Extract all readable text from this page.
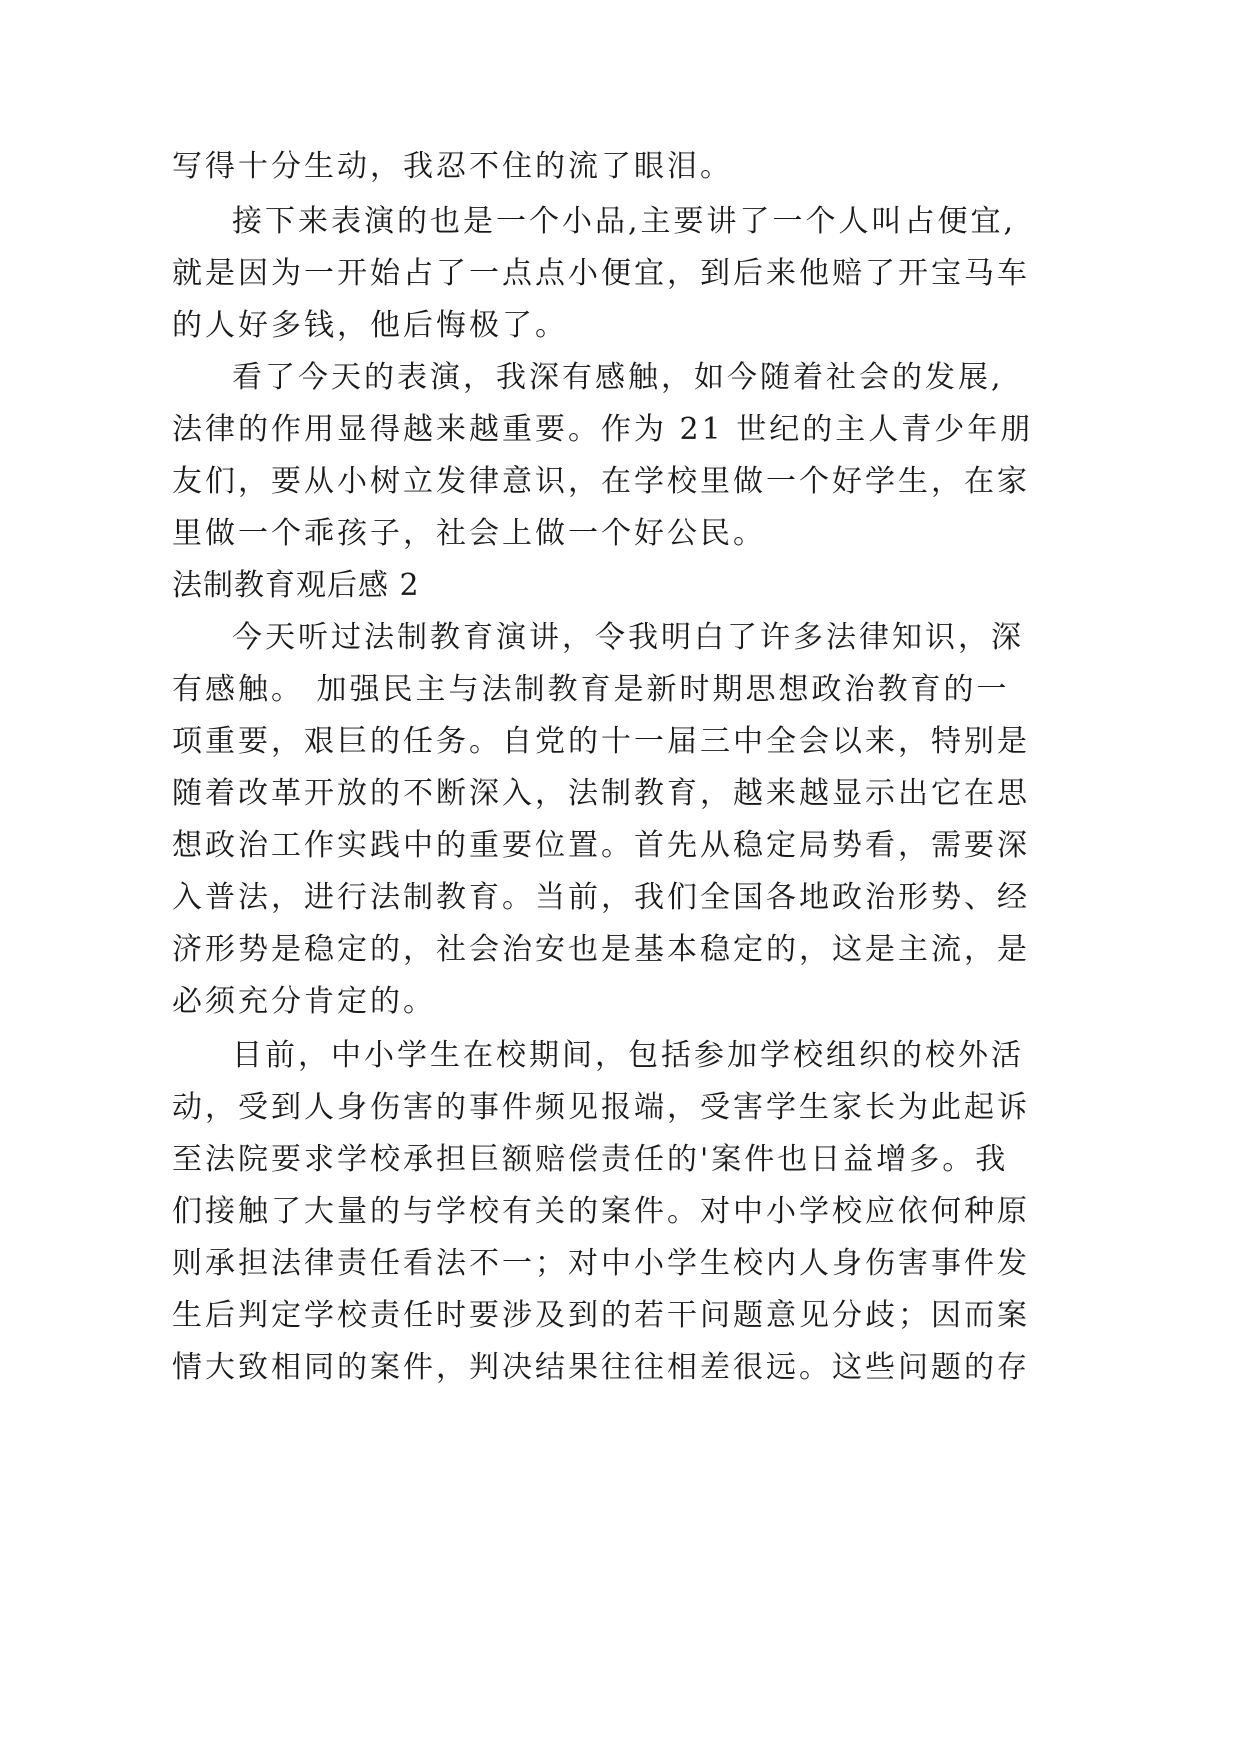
写得十分生动，我忍不住的流了眼泪。
接下来表演的也是一个小品,主要讲了一个人叫占便宜,
就是因为一开始占了一点点小便宜，到后来他赔了开宝马车
的人好多钱，他后悔极了。
看了今天的表演，我深有感触，如今随着社会的发展,
法律的作用显得越来越重要。作为 21 世纪的主人青少年朋
友们，要从小树立发律意识，在学校里做一个好学生，在家
里做一个乖孩子，社会上做一个好公民。
法制教育观后感 2
今天听过法制教育演讲，令我明白了许多法律知识，深
有感触。 加强民主与法制教育是新时期思想政治教育的一
项重要，艰巨的任务。自党的十一届三中全会以来，特别是
随着改革开放的不断深入，法制教育，越来越显示出它在思
想政治工作实践中的重要位置。首先从稳定局势看，需要深
入普法，进行法制教育。当前，我们全国各地政治形势、经
济形势是稳定的，社会治安也是基本稳定的，这是主流，是
必须充分肯定的。
目前，中小学生在校期间，包括参加学校组织的校外活
动，受到人身伤害的事件频见报端，受害学生家长为此起诉
至法院要求学校承担巨额赔偿责任的'案件也日益增多。我
们接触了大量的与学校有关的案件。对中小学校应依何种原
则承担法律责任看法不一；对中小学生校内人身伤害事件发
生后判定学校责任时要涉及到的若干问题意见分歧；因而案
情大致相同的案件，判决结果往往相差很远。这些问题的存
